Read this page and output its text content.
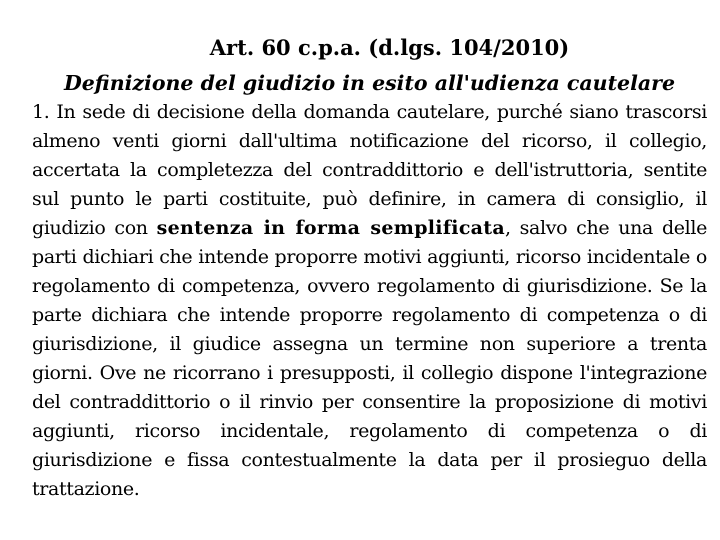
Art. 60 c.p.a. (d.lgs. 104/2010)
Definizione del giudizio in esito all'udienza cautelare

1. In sede di decisione della domanda cautelare, purché siano trascorsi almeno venti giorni dall'ultima notificazione del ricorso, il collegio, accertata la completezza del contraddittorio e dell'istruttoria, sentite sul punto le parti costituite, può definire, in camera di consiglio, il giudizio con sentenza in forma semplificata, salvo che una delle parti dichiari che intende proporre motivi aggiunti, ricorso incidentale o regolamento di competenza, ovvero regolamento di giurisdizione. Se la parte dichiara che intende proporre regolamento di competenza o di giurisdizione, il giudice assegna un termine non superiore a trenta giorni. Ove ne ricorrano i presupposti, il collegio dispone l'integrazione del contraddittorio o il rinvio per consentire la proposizione di motivi aggiunti, ricorso incidentale, regolamento di competenza o di giurisdizione e fissa contestualmente la data per il prosieguo della trattazione.
